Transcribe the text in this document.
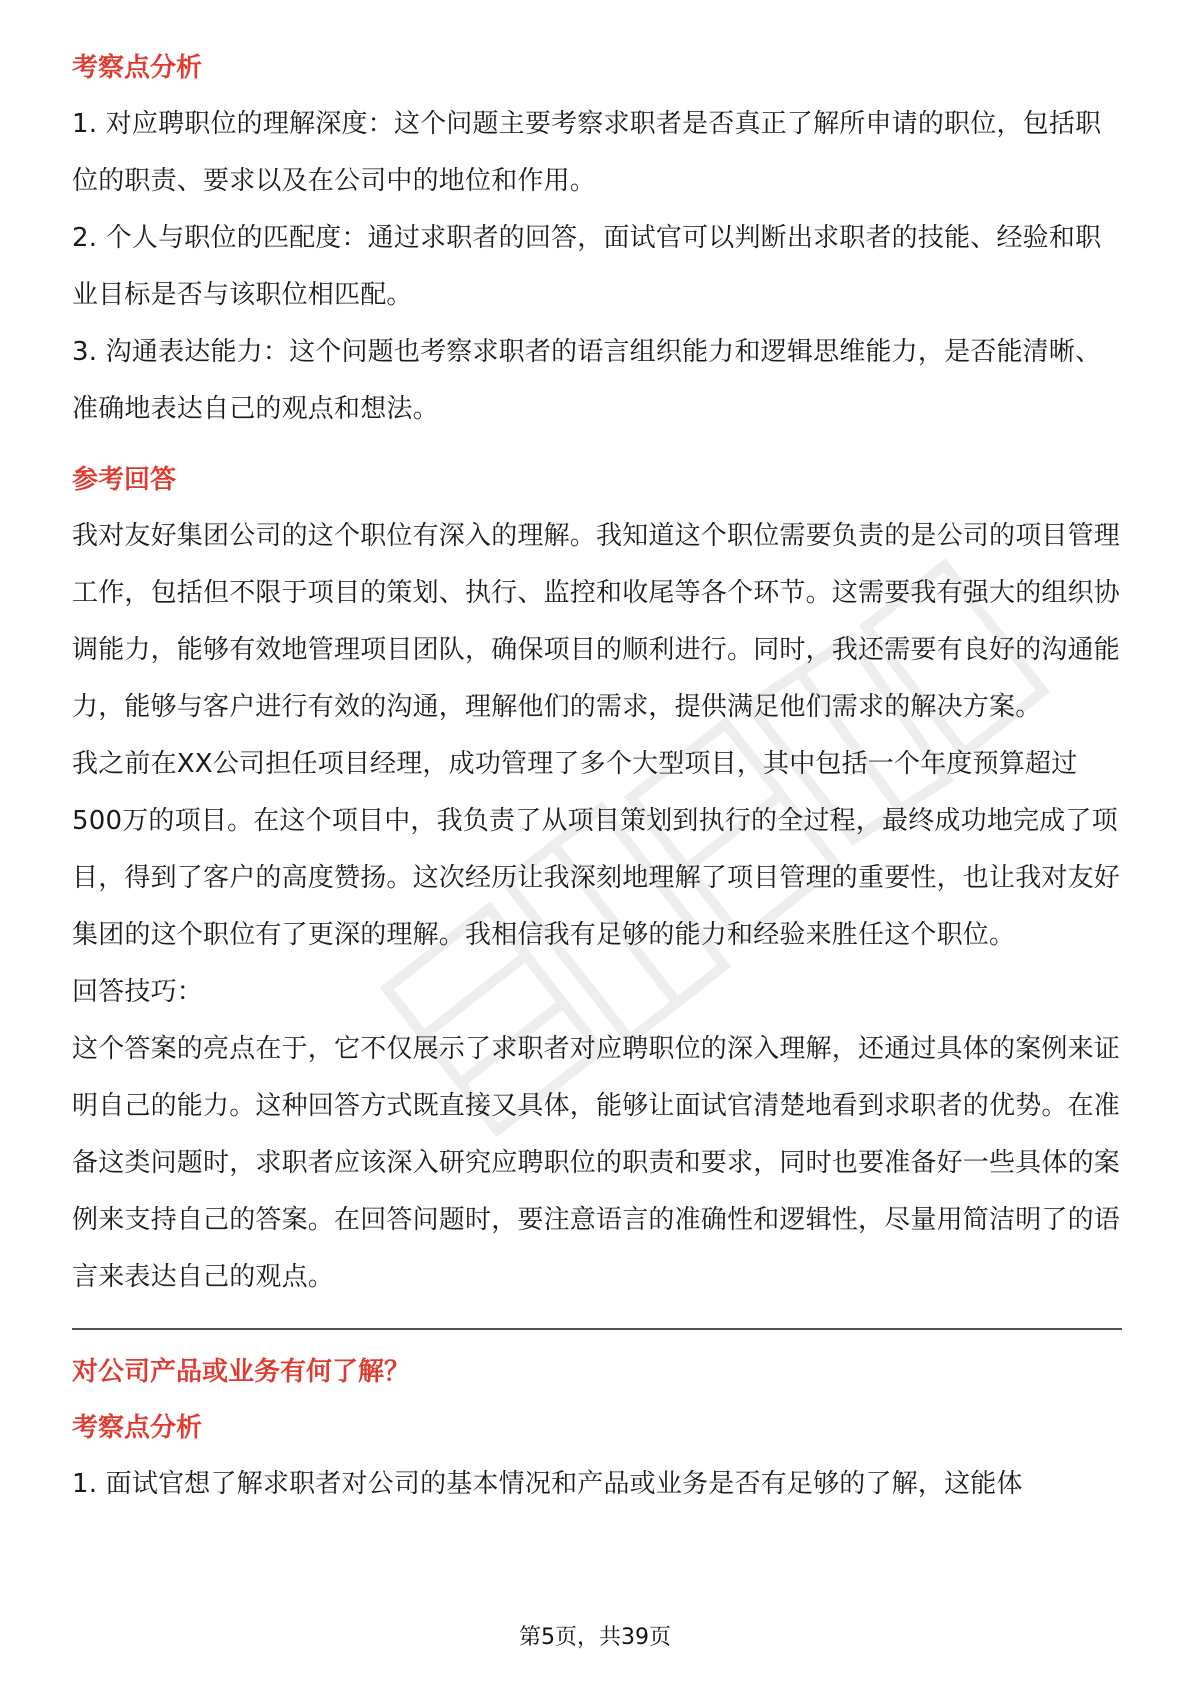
考察点分析

1. 对应聘职位的理解深度：这个问题主要考察求职者是否真正了解所申请的职位，包括职位的职责、要求以及在公司中的地位和作用。

2. 个人与职位的匹配度：通过求职者的回答，面试官可以判断出求职者的技能、经验和职业目标是否与该职位相匹配。

3. 沟通表达能力：这个问题也考察求职者的语言组织能力和逻辑思维能力，是否能清晰、准确地表达自己的观点和想法。

参考回答

我对友好集团公司的这个职位有深入的理解。我知道这个职位需要负责的是公司的项目管理工作，包括但不限于项目的策划、执行、监控和收尾等各个环节。这需要我有强大的组织协调能力，能够有效地管理项目团队，确保项目的顺利进行。同时，我还需要有良好的沟通能力，能够与客户进行有效的沟通，理解他们的需求，提供满足他们需求的解决方案。

我之前在XX公司担任项目经理，成功管理了多个大型项目，其中包括一个年度预算超过500万的项目。在这个项目中，我负责了从项目策划到执行的全过程，最终成功地完成了项目，得到了客户的高度赞扬。这次经历让我深刻地理解了项目管理的重要性，也让我对友好集团的这个职位有了更深的理解。我相信我有足够的能力和经验来胜任这个职位。

回答技巧：

这个答案的亮点在于，它不仅展示了求职者对应聘职位的深入理解，还通过具体的案例来证明自己的能力。这种回答方式既直接又具体，能够让面试官清楚地看到求职者的优势。在准备这类问题时，求职者应该深入研究应聘职位的职责和要求，同时也要准备好一些具体的案例来支持自己的答案。在回答问题时，要注意语言的准确性和逻辑性，尽量用简洁明了的语言来表达自己的观点。

对公司产品或业务有何了解？
考察点分析

1. 面试官想了解求职者对公司的基本情况和产品或业务是否有足够的了解，这能体

第5页，共39页
